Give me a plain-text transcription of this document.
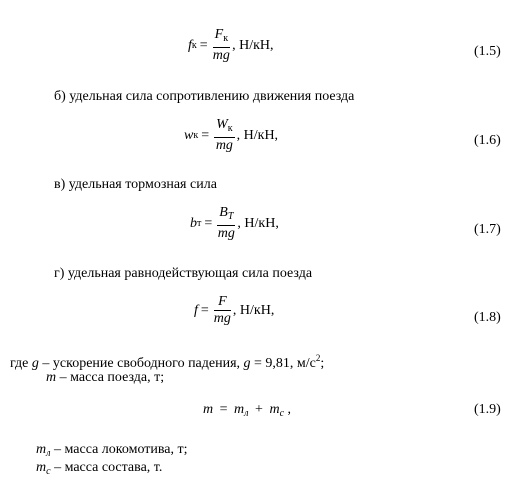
f $к = \frac{F_к}{mg}$ , Н/кН,	(1.5)
б) удельная сила сопротивлению движения поезда
w $к = \frac{W_к}{mg}$ , Н/кН,	(1.6)
в) удельная тормозная сила
b $т = \frac{B_T}{mg}$ , Н/кН,	(1.7)
г) удельная равнодействующая сила поезда
$f = \frac{F}{mg}$ , Н/кН,	(1.8)
где g – ускорение свободного падения, g = 9,81, $м/с^2$;
m – масса поезда, т;
$m = m_л + m_c$ ,	(1.9)
$m_л$ – масса локомотива, т;
$m_c$ – масса состава, т.
